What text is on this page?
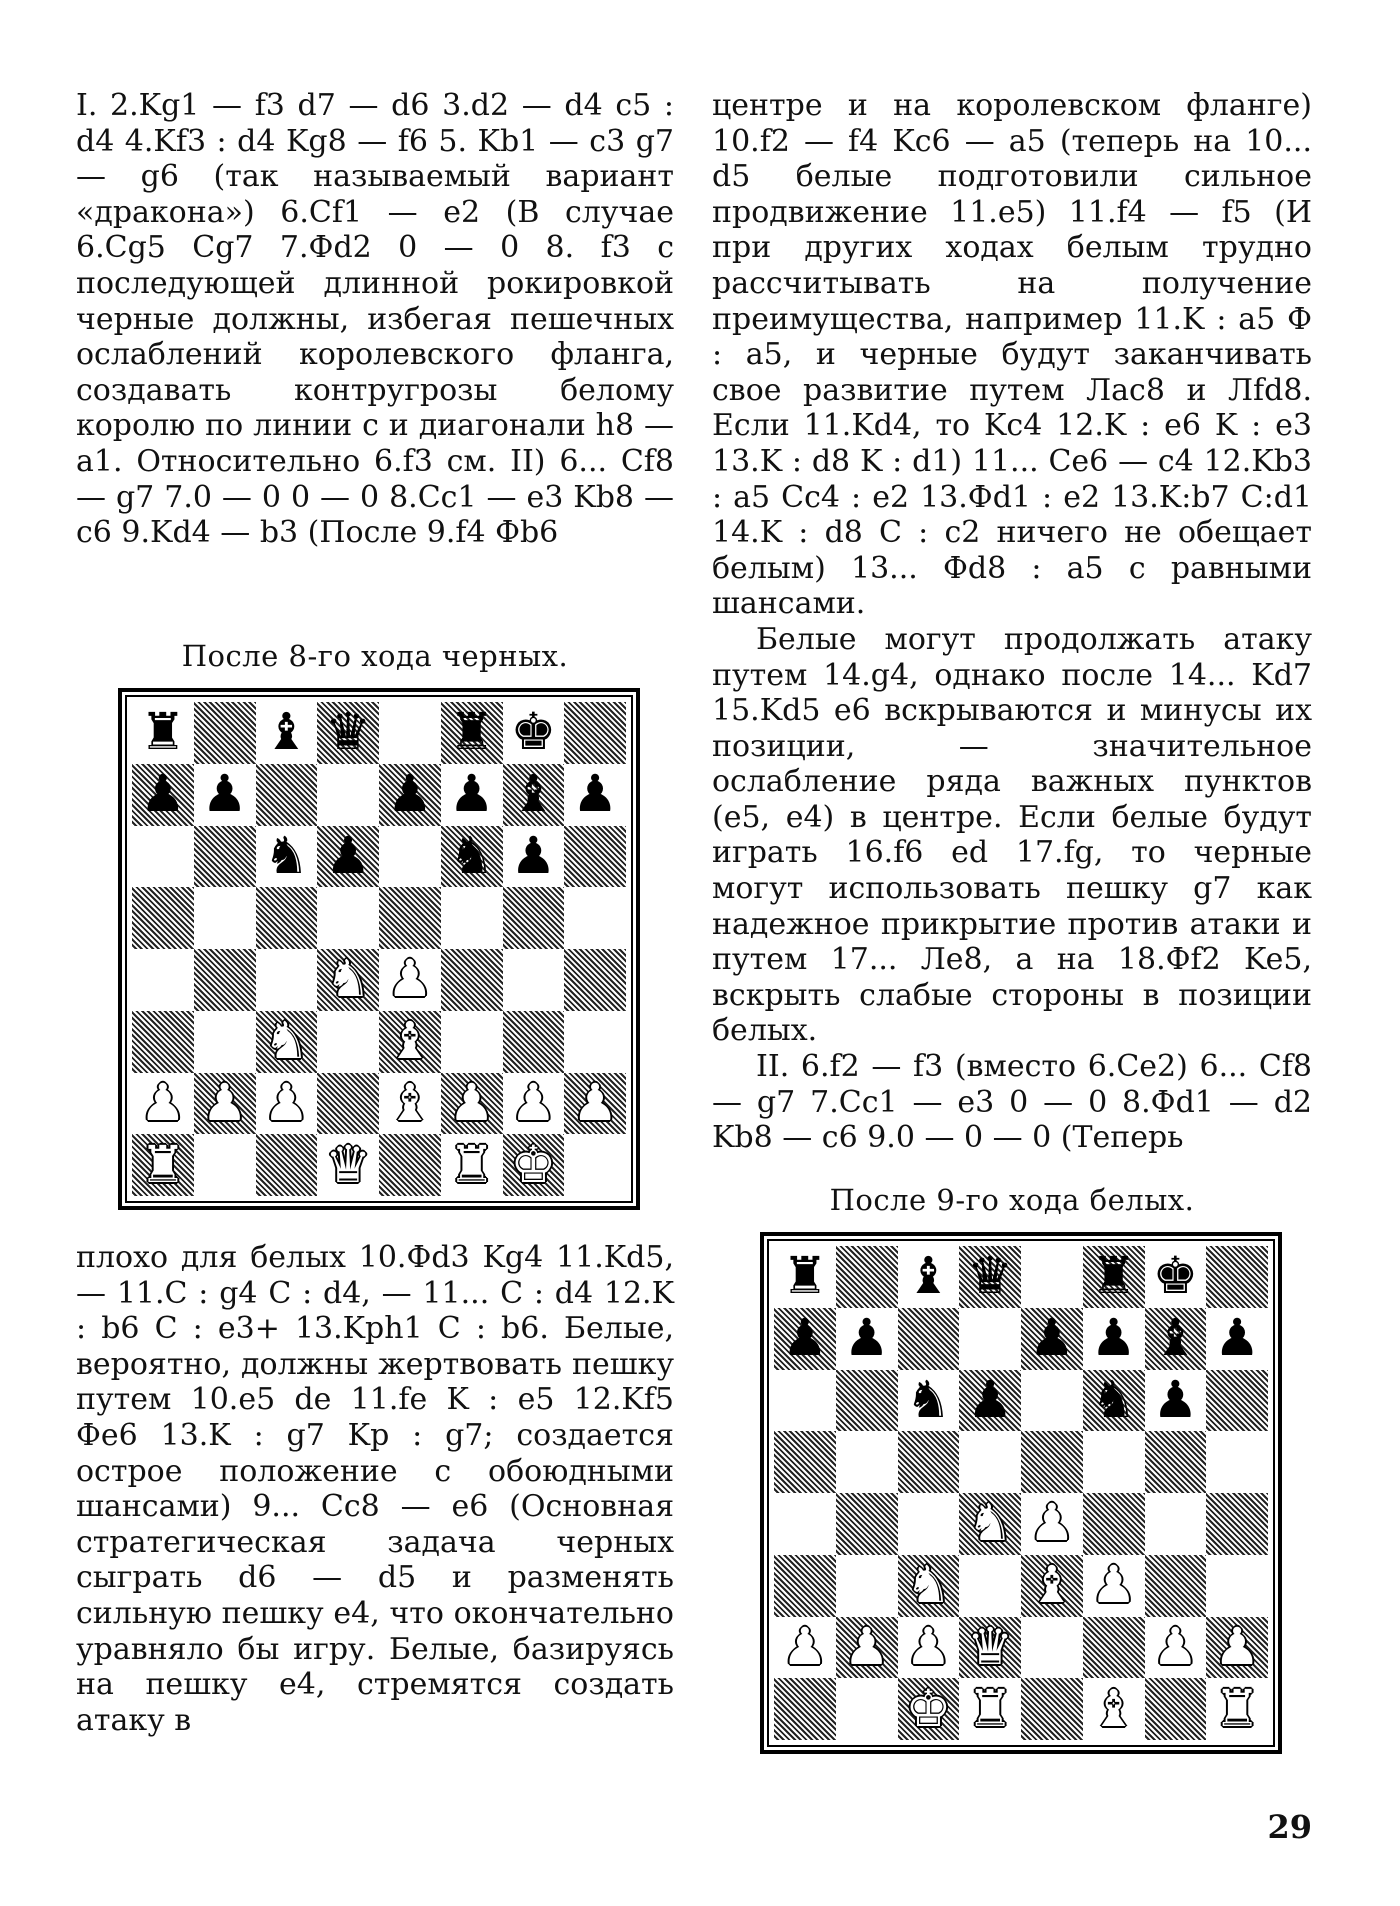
I. 2.Kg1 — f3 d7 — d6 3.d2 — d4 c5 : d4 4.Kf3 : d4 Kg8 — f6 5. Kb1 — c3 g7 — g6 (так называемый вариант «дракона») 6.Cf1 — e2 (В случае 6.Cg5 Cg7 7.Фd2 0 — 0 8. f3 с последующей длинной рокировкой черные должны, избегая пешечных ослаблений королевского фланга, создавать контругрозы белому королю по линии с и диагонали h8 — a1. Относительно 6.f3 см. II) 6... Cf8 — g7 7.0 — 0 0 — 0 8.Cc1 — e3 Kb8 — c6 9.Kd4 — b3 (После 9.f4 Фb6

После 8-го хода черных.

♜ ♝ ♛ ♜ ♚
♟ ♟	♟ ♟ ♝ ♟
♞ ♟ ♞ ♟
♞ ♟
♞ ♝
♟ ♟ ♟ ♝ ♟ ♟ ♟
♜	♛ ♜ ♚

плохо для белых 10.Фd3 Kg4 11.Kd5, — 11.C : g4 C : d4, — 11... C : d4 12.K : b6 C : e3+ 13.Kph1 C : b6. Белые, вероятно, должны жертвовать пешку путем 10.e5 de 11.fe K : e5 12.Kf5 Фe6 13.K : g7 Kp : g7; создается острое положение с обоюдными шансами) 9... Cc8 — e6 (Основная стратегическая задача черных сыграть d6 — d5 и разменять сильную пешку e4, что окончательно уравняло бы игру. Белые, базируясь на пешку e4, стремятся создать атаку в

центре и на королевском фланге) 10.f2 — f4 Kc6 — a5 (теперь на 10... d5 белые подготовили сильное продвижение 11.e5) 11.f4 — f5 (И при других ходах белым трудно рассчитывать на получение преимущества, например 11.K : a5 Ф : a5, и черные будут заканчивать свое развитие путем Лac8 и Лfd8. Если 11.Kd4, то Kc4 12.K : e6 K : e3 13.K : d8 K : d1) 11... Ce6 — c4 12.Kb3 : a5 Cc4 : e2 13.Фd1 : e2 13.K:b7 C:d1 14.K : d8 C : c2 ничего не обещает белым) 13... Фd8 : a5 с равными шансами.

Белые могут продолжать атаку путем 14.g4, однако после 14... Kd7 15.Kd5 e6 вскрываются и минусы их позиции, — значительное ослабление ряда важных пунктов (e5, e4) в центре. Если белые будут играть 16.f6 ed 17.fg, то черные могут использовать пешку g7 как надежное прикрытие против атаки и путем 17... Лe8, а на 18.Фf2 Ke5, вскрыть слабые стороны в позиции белых.

II. 6.f2 — f3 (вместо 6.Ce2) 6... Cf8 — g7 7.Cc1 — e3 0 — 0 8.Фd1 — d2 Kb8 — c6 9.0 — 0 — 0 (Теперь

После 9-го хода белых.

♜ ♝ ♛ ♜ ♚
♟ ♟	♟ ♟ ♝ ♟
♞ ♟ ♞ ♟
♞ ♟
♞ ♝ ♟
♟ ♟ ♟ ♛	♟ ♟
♚ ♜ ♝ ♜

29
